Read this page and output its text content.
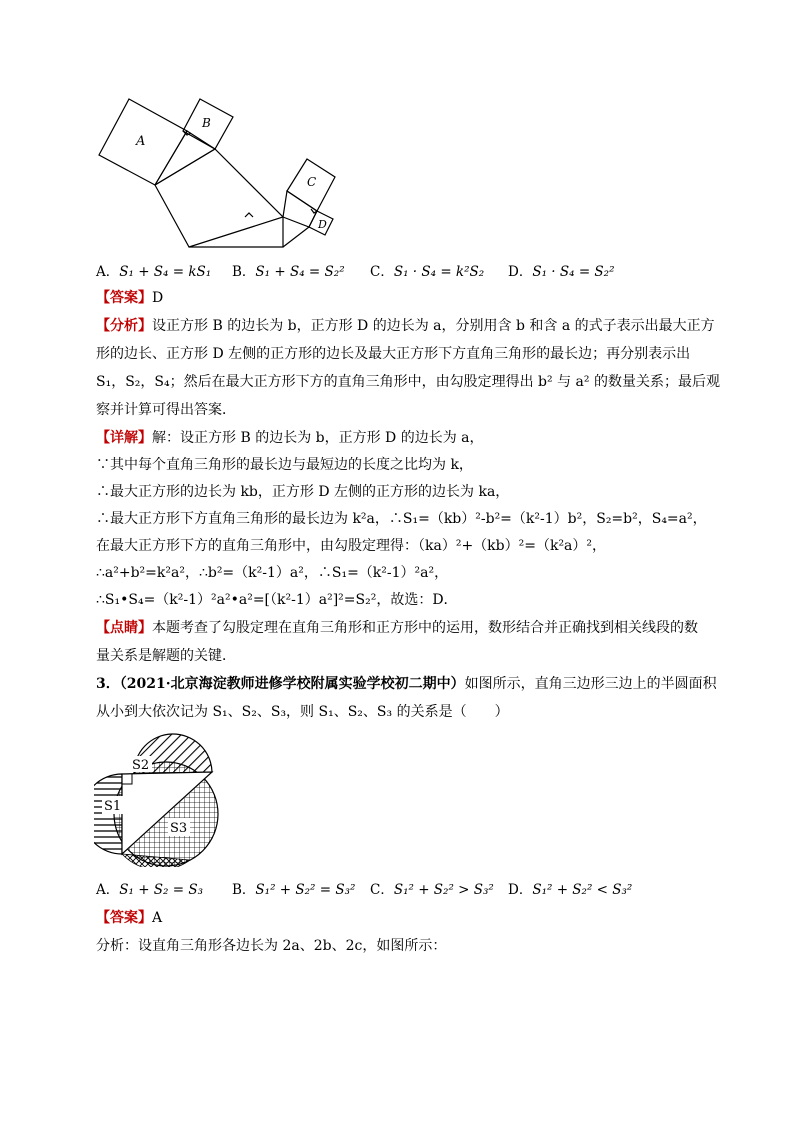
A
B
C
D
A．S₁ + S₄ = kS₁ B．S₁ + S₄ = S₂² C．S₁ · S₄ = k²S₂ D．S₁ · S₄ = S₂²
【答案】D
【分析】设正方形 B 的边长为 b，正方形 D 的边长为 a，分别用含 b 和含 a 的式子表示出最大正方
形的边长、正方形 D 左侧的正方形的边长及最大正方形下方直角三角形的最长边；再分别表示出
S₁，S₂，S₄；然后在最大正方形下方的直角三角形中，由勾股定理得出 b² 与 a² 的数量关系；最后观
察并计算可得出答案．
【详解】解：设正方形 B 的边长为 b，正方形 D 的边长为 a，
∵其中每个直角三角形的最长边与最短边的长度之比均为 k，
∴最大正方形的边长为 kb，正方形 D 左侧的正方形的边长为 ka，
∴最大正方形下方直角三角形的最长边为 k²a，∴S₁=（kb）²-b²=（k²-1）b²，S₂=b²，S₄=a²，
在最大正方形下方的直角三角形中，由勾股定理得：（ka）²+（kb）²=（k²a）²，
∴a²+b²=k²a²，∴b²=（k²-1）a²，∴S₁=（k²-1）²a²，
∴S₁•S₄=（k²-1）²a²•a²=[（k²-1）a²]²=S₂²，故选：D．
【点睛】本题考查了勾股定理在直角三角形和正方形中的运用，数形结合并正确找到相关线段的数
量关系是解题的关键．
3．（2021·北京海淀教师进修学校附属实验学校初二期中）如图所示，直角三边形三边上的半圆面积
从小到大依次记为 S₁、S₂、S₃，则 S₁、S₂、S₃ 的关系是（　　）
S2
S1
S3
A．S₁ + S₂ = S₃ B．S₁² + S₂² = S₃² C．S₁² + S₂² > S₃² D．S₁² + S₂² < S₃²
【答案】A
分析：设直角三角形各边长为 2a、2b、2c，如图所示：
